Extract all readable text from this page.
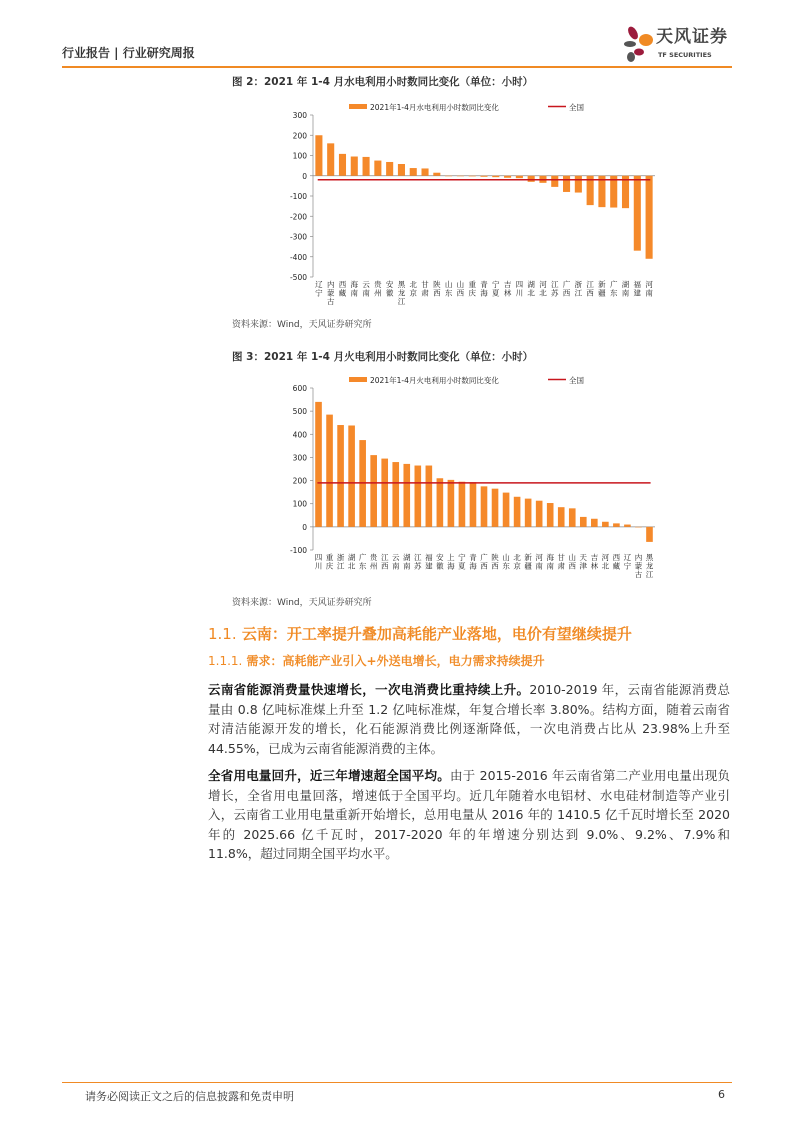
行业报告 | 行业研究周报
天风证券
TF SECURITIES
图 2：2021 年 1-4 月水电利用小时数同比变化（单位：小时）
2021年1-4月水电利用小时数同比变化	全国
300
200
100
0
-100
-200
-300
-400
-500
辽宁
内蒙古
西藏
海南
云南
贵州
安徽
黑龙江
北京
甘肃
陕西
山东
山西
重庆
青海
宁夏
吉林
四川
湖北
河北
江苏
广西
浙江
江西
新疆
广东
湖南
福建
河南
资料来源：Wind，天风证券研究所
图 3：2021 年 1-4 月火电利用小时数同比变化（单位：小时）
2021年1-4月火电利用小时数同比变化	全国
600
500
400
300
200
100
0
-100
四川
重庆
浙江
湖北
广东
贵州
江西
云南
湖南
江苏
福建
安徽
上海
宁夏
青海
广西
陕西
山东
北京
新疆
河南
海南
甘肃
山西
天津
吉林
河北
西藏
辽宁
内蒙古
黑龙江
资料来源：Wind，天风证券研究所
1.1. 云南：开工率提升叠加高耗能产业落地，电价有望继续提升
1.1.1. 需求：高耗能产业引入+外送电增长，电力需求持续提升
云南省能源消费量快速增长，一次电消费比重持续上升。2010-2019 年，云南省能源消费总量由 0.8 亿吨标准煤上升至 1.2 亿吨标准煤，年复合增长率 3.80%。结构方面，随着云南省对清洁能源开发的增长，化石能源消费比例逐渐降低，一次电消费占比从 23.98%上升至 44.55%，已成为云南省能源消费的主体。
全省用电量回升，近三年增速超全国平均。由于 2015-2016 年云南省第二产业用电量出现负增长，全省用电量回落，增速低于全国平均。近几年随着水电铝材、水电硅材制造等产业引入，云南省工业用电量重新开始增长，总用电量从 2016 年的 1410.5 亿千瓦时增长至 2020 年的 2025.66 亿千瓦时，2017-2020 年的年增速分别达到 9.0%、9.2%、7.9%和 11.8%，超过同期全国平均水平。
请务必阅读正文之后的信息披露和免责申明	6
